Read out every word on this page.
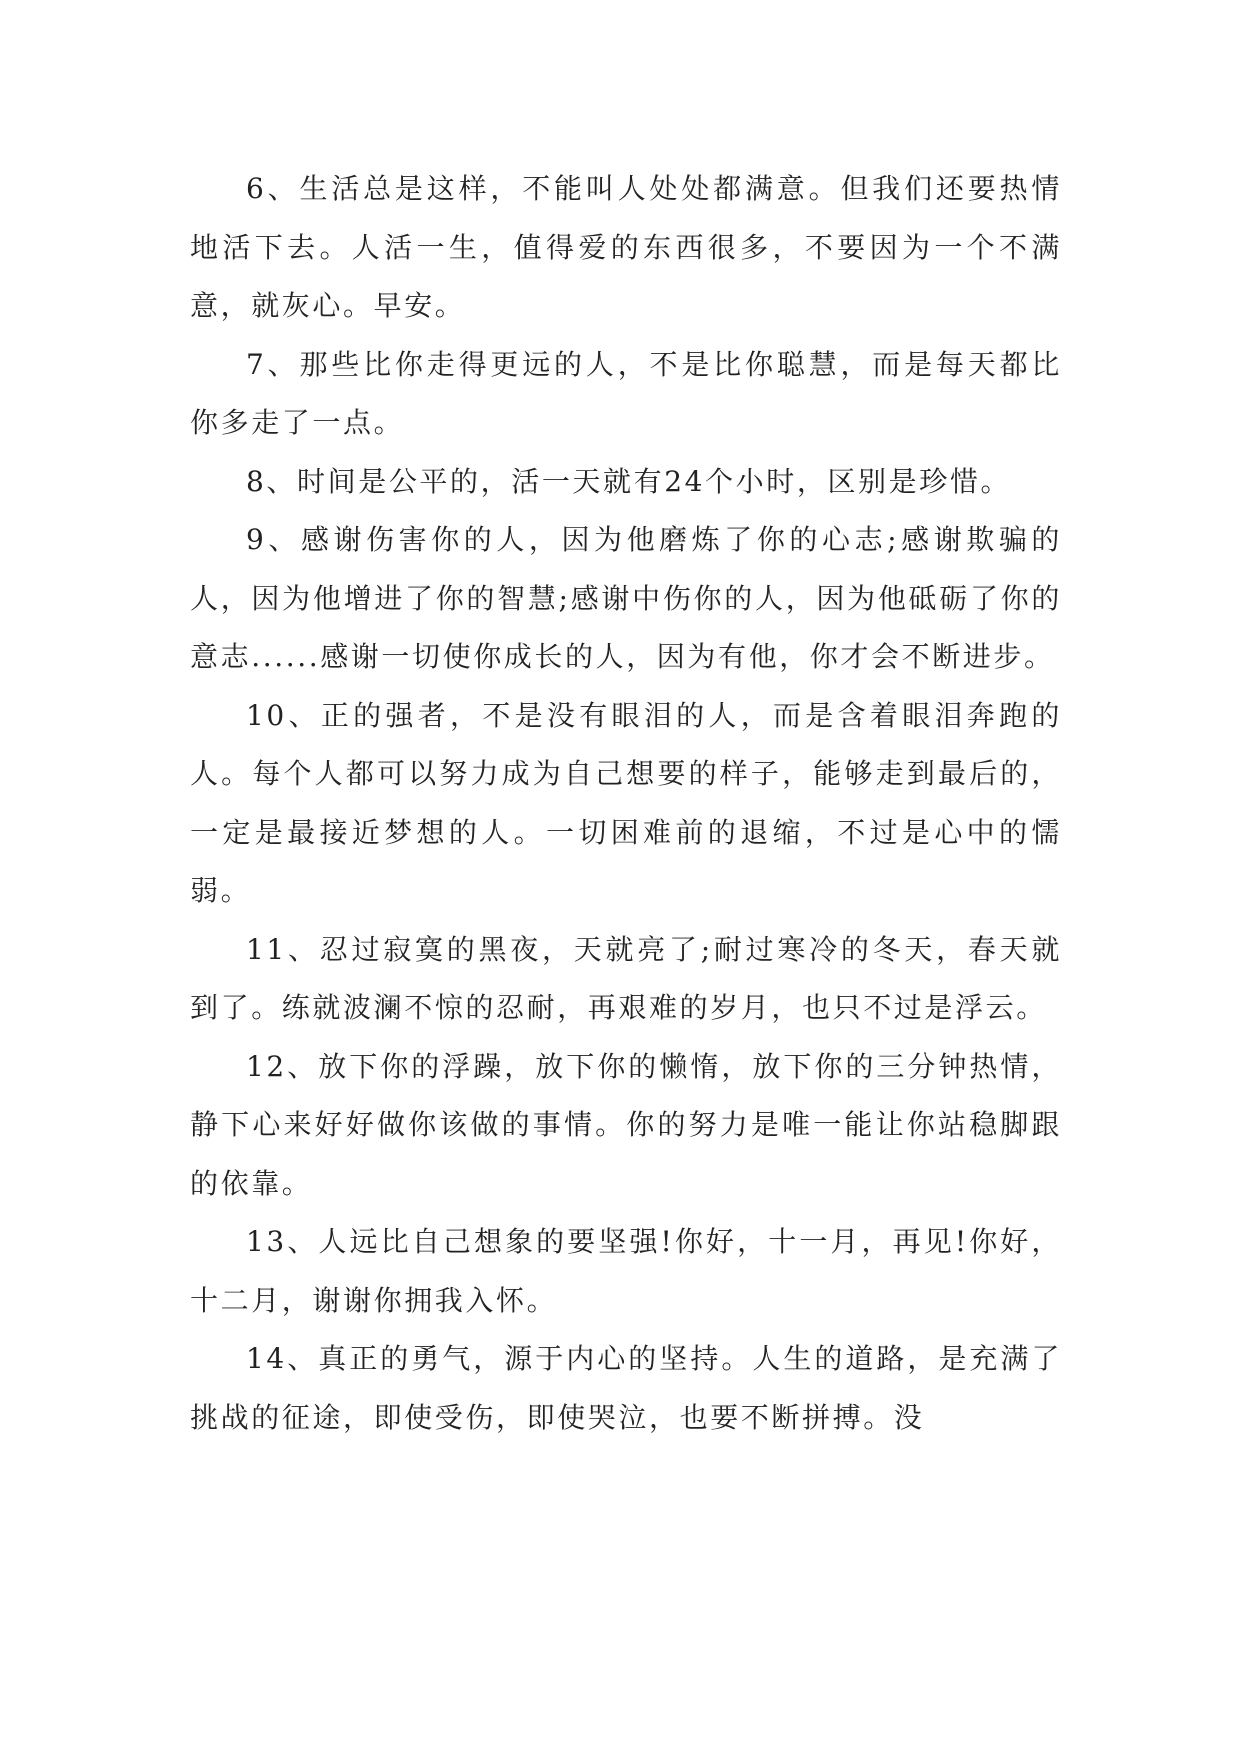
6、生活总是这样，不能叫人处处都满意。但我们还要热情地活下去。人活一生，值得爱的东西很多，不要因为一个不满意，就灰心。早安。

7、那些比你走得更远的人，不是比你聪慧，而是每天都比你多走了一点。

8、时间是公平的，活一天就有24个小时，区别是珍惜。

9、感谢伤害你的人，因为他磨炼了你的心志;感谢欺骗的人，因为他增进了你的智慧;感谢中伤你的人，因为他砥砺了你的意志......感谢一切使你成长的人，因为有他，你才会不断进步。

10、正的强者，不是没有眼泪的人，而是含着眼泪奔跑的人。每个人都可以努力成为自己想要的样子，能够走到最后的，一定是最接近梦想的人。一切困难前的退缩，不过是心中的懦弱。

11、忍过寂寞的黑夜，天就亮了;耐过寒冷的冬天，春天就到了。练就波澜不惊的忍耐，再艰难的岁月，也只不过是浮云。

12、放下你的浮躁，放下你的懒惰，放下你的三分钟热情，静下心来好好做你该做的事情。你的努力是唯一能让你站稳脚跟的依靠。

13、人远比自己想象的要坚强!你好，十一月，再见!你好，十二月，谢谢你拥我入怀。

14、真正的勇气，源于内心的坚持。人生的道路，是充满了挑战的征途，即使受伤，即使哭泣，也要不断拼搏。没
